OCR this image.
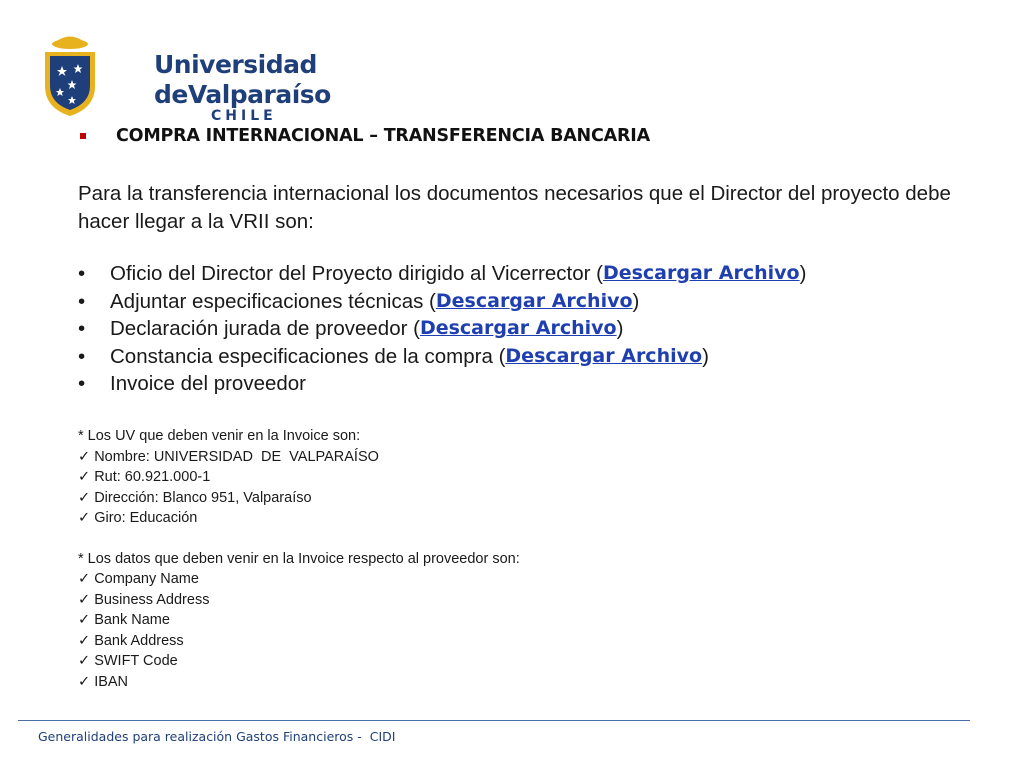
Universidad
deValparaíso
CHILE
COMPRA INTERNACIONAL – TRANSFERENCIA BANCARIA
Para la transferencia internacional los documentos necesarios que el Director del proyecto debe hacer llegar a la VRII son:
•	Oficio del Director del Proyecto dirigido al Vicerrector ( Descargar Archivo )
•	Adjuntar especificaciones técnicas ( Descargar Archivo )
•	Declaración jurada de proveedor ( Descargar Archivo )
•	Constancia especificaciones de la compra ( Descargar Archivo )
•	Invoice del proveedor
* Los UV que deben venir en la Invoice son:
✓ Nombre: UNIVERSIDAD  DE  VALPARAÍSO
✓ Rut: 60.921.000-1
✓ Dirección: Blanco 951, Valparaíso
✓ Giro: Educación
* Los datos que deben venir en la Invoice respecto al proveedor son:
✓ Company Name
✓ Business Address
✓ Bank Name
✓ Bank Address
✓ SWIFT Code
✓ IBAN
Generalidades para realización Gastos Financieros -  CIDI
